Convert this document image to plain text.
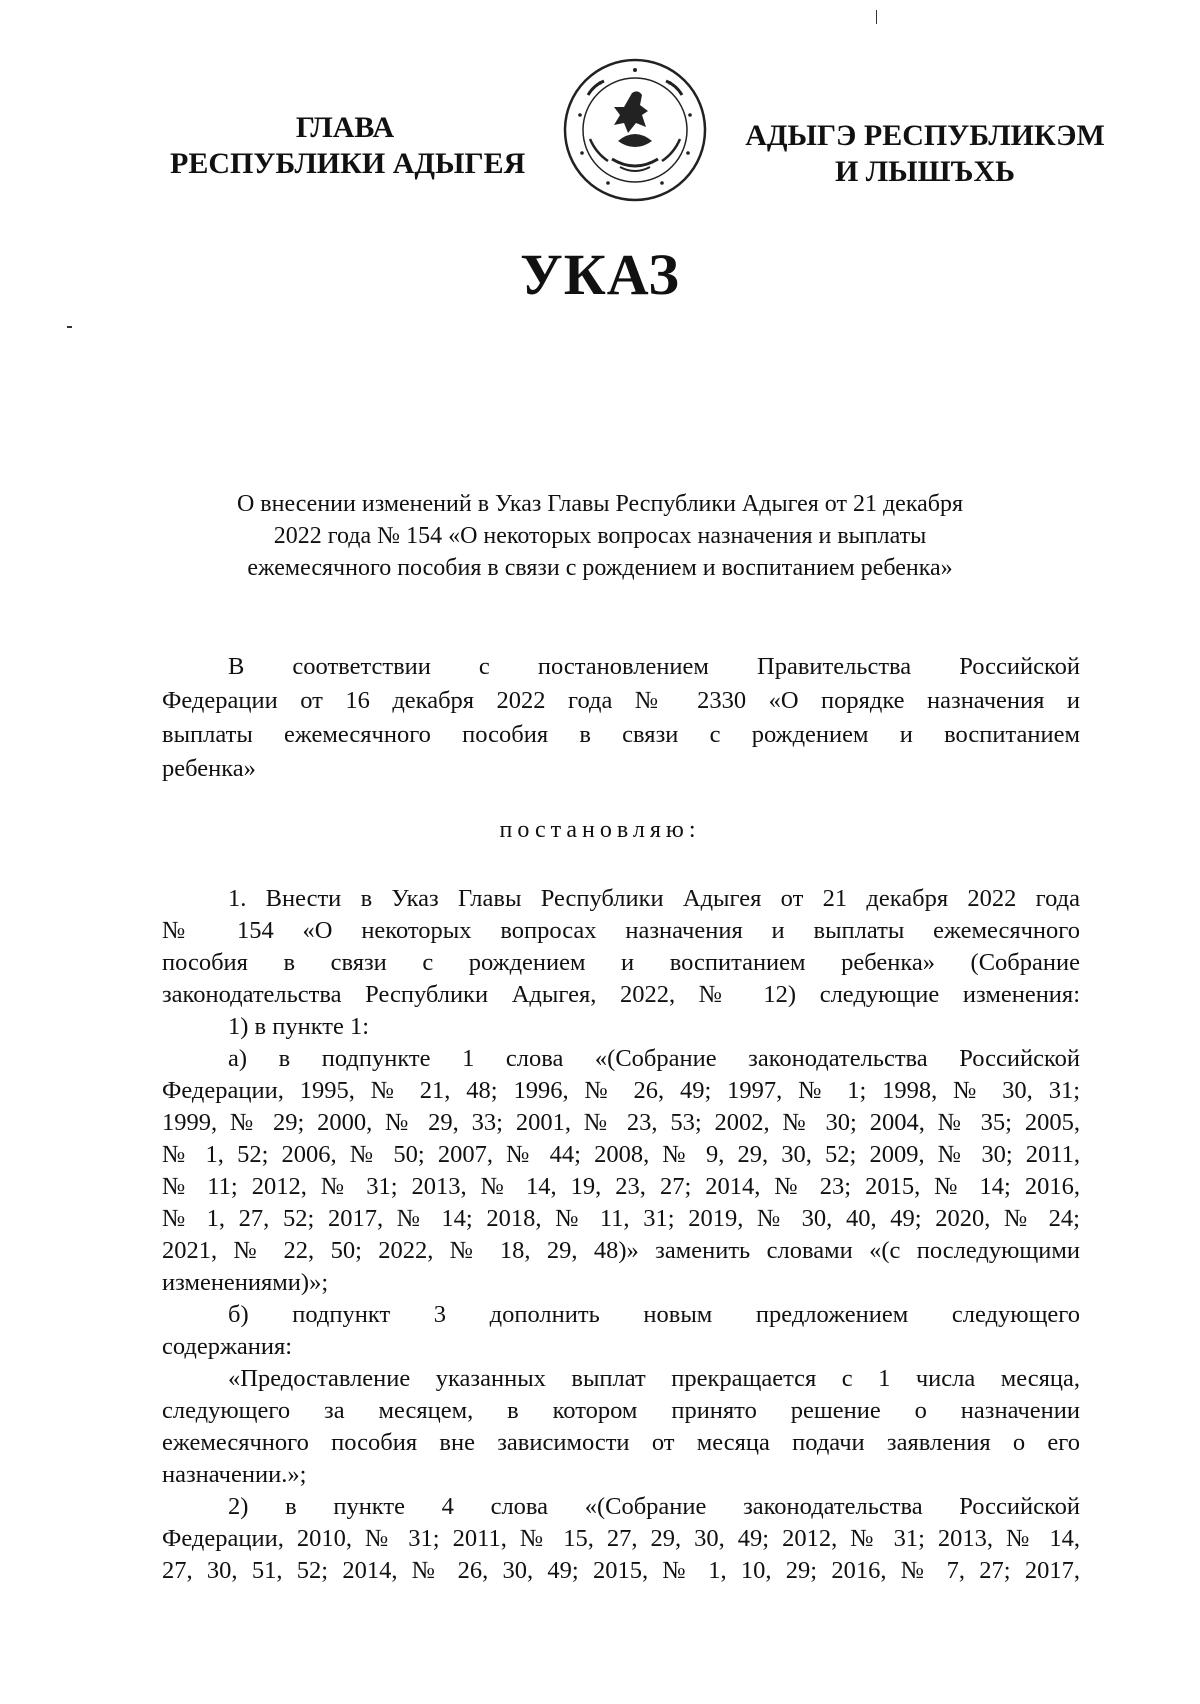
ГЛАВА
РЕСПУБЛИКИ АДЫГЕЯ
АДЫГЭ РЕСПУБЛИКЭМ
И ЛЫШЪХЬ
УКАЗ
О внесении изменений в Указ Главы Республики Адыгея от 21 декабря
2022 года № 154 «О некоторых вопросах назначения и выплаты
ежемесячного пособия в связи с рождением и воспитанием ребенка»
В соответствии с постановлением Правительства Российской
Федерации от 16 декабря 2022 года № 2330 «О порядке назначения и
выплаты ежемесячного пособия в связи с рождением и воспитанием
ребенка»
постановляю:
1. Внести в Указ Главы Республики Адыгея от 21 декабря 2022 года
№ 154 «О некоторых вопросах назначения и выплаты ежемесячного
пособия в связи с рождением и воспитанием ребенка» (Собрание
законодательства Республики Адыгея, 2022, № 12) следующие изменения:
1) в пункте 1:
а) в подпункте 1 слова «(Собрание законодательства Российской
Федерации, 1995, № 21, 48; 1996, № 26, 49; 1997, № 1; 1998, № 30, 31;
1999, № 29; 2000, № 29, 33; 2001, № 23, 53; 2002, № 30; 2004, № 35; 2005,
№ 1, 52; 2006, № 50; 2007, № 44; 2008, № 9, 29, 30, 52; 2009, № 30; 2011,
№ 11; 2012, № 31; 2013, № 14, 19, 23, 27; 2014, № 23; 2015, № 14; 2016,
№ 1, 27, 52; 2017, № 14; 2018, № 11, 31; 2019, № 30, 40, 49; 2020, № 24;
2021, № 22, 50; 2022, № 18, 29, 48)» заменить словами «(с последующими
изменениями)»;
б) подпункт 3 дополнить новым предложением следующего
содержания:
«Предоставление указанных выплат прекращается с 1 числа месяца,
следующего за месяцем, в котором принято решение о назначении
ежемесячного пособия вне зависимости от месяца подачи заявления о его
назначении.»;
2) в пункте 4 слова «(Собрание законодательства Российской
Федерации, 2010, № 31; 2011, № 15, 27, 29, 30, 49; 2012, № 31; 2013, № 14,
27, 30, 51, 52; 2014, № 26, 30, 49; 2015, № 1, 10, 29; 2016, № 7, 27; 2017,
